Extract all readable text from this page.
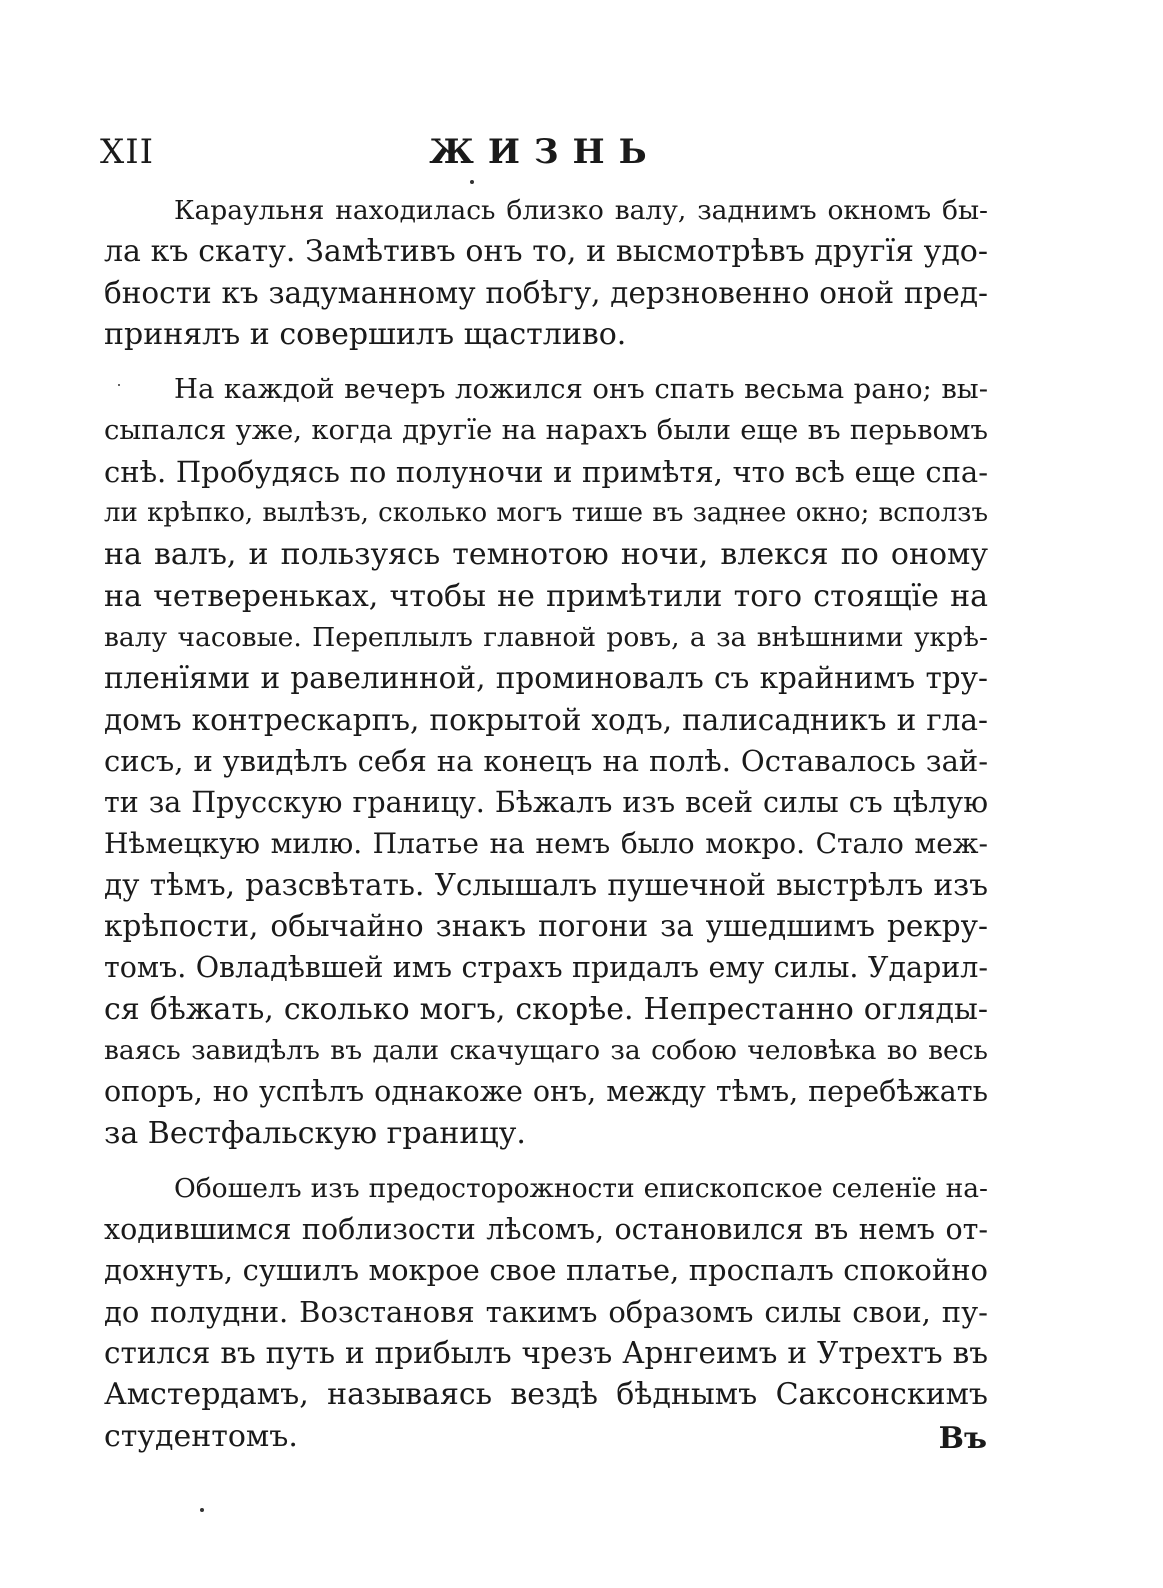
XII	ЖИЗНЬ
Караульня находилась близко валу, заднимъ окномъ бы-
ла къ скату. Замѣтивъ онъ то, и высмотрѣвъ другїя удо-
бности къ задуманному побѣгу, дерзновенно оной пред-
принялъ и совершилъ щастливо.
На каждой вечеръ ложился онъ спать весьма рано; вы-
сыпался уже, когда другїе на нарахъ были еще въ перьвомъ
снѣ. Пробудясь по полуночи и примѣтя, что всѣ еще спа-
ли крѣпко, вылѣзъ, сколько могъ тише въ заднее окно; всползъ
на валъ, и пользуясь темнотою ночи, влекся по оному
на четвереньках, чтобы не примѣтили того стоящїе на
валу часовые. Переплылъ главной ровъ, а за внѣшними укрѣ-
пленїями и равелинной, проминовалъ съ крайнимъ тру-
домъ контрескарпъ, покрытой ходъ, палисадникъ и гла-
сисъ, и увидѣлъ себя на конецъ на полѣ. Оставалось зай-
ти за Прусскую границу. Бѣжалъ изъ всей силы съ цѣлую
Нѣмецкую милю. Платье на немъ было мокро. Стало меж-
ду тѣмъ, разсвѣтать. Услышалъ пушечной выстрѣлъ изъ
крѣпости, обычайно знакъ погони за ушедшимъ рекру-
томъ. Овладѣвшей имъ страхъ придалъ ему силы. Ударил-
ся бѣжать, сколько могъ, скорѣе. Непрестанно огляды-
ваясь завидѣлъ въ дали скачущаго за собою человѣка во весь
опоръ, но успѣлъ однакоже онъ, между тѣмъ, перебѣжать
за Вестфальскую границу.
Обошелъ изъ предосторожности епископское селенїе на-
ходившимся поблизости лѣсомъ, остановился въ немъ от-
дохнуть, сушилъ мокрое свое платье, проспалъ спокойно
до полудни. Возстановя такимъ образомъ силы свои, пу-
стился въ путь и прибылъ чрезъ Арнгеимъ и Утрехтъ въ
Амстердамъ, называясь вездѣ бѣднымъ Саксонскимъ
студентомъ.	Въ
